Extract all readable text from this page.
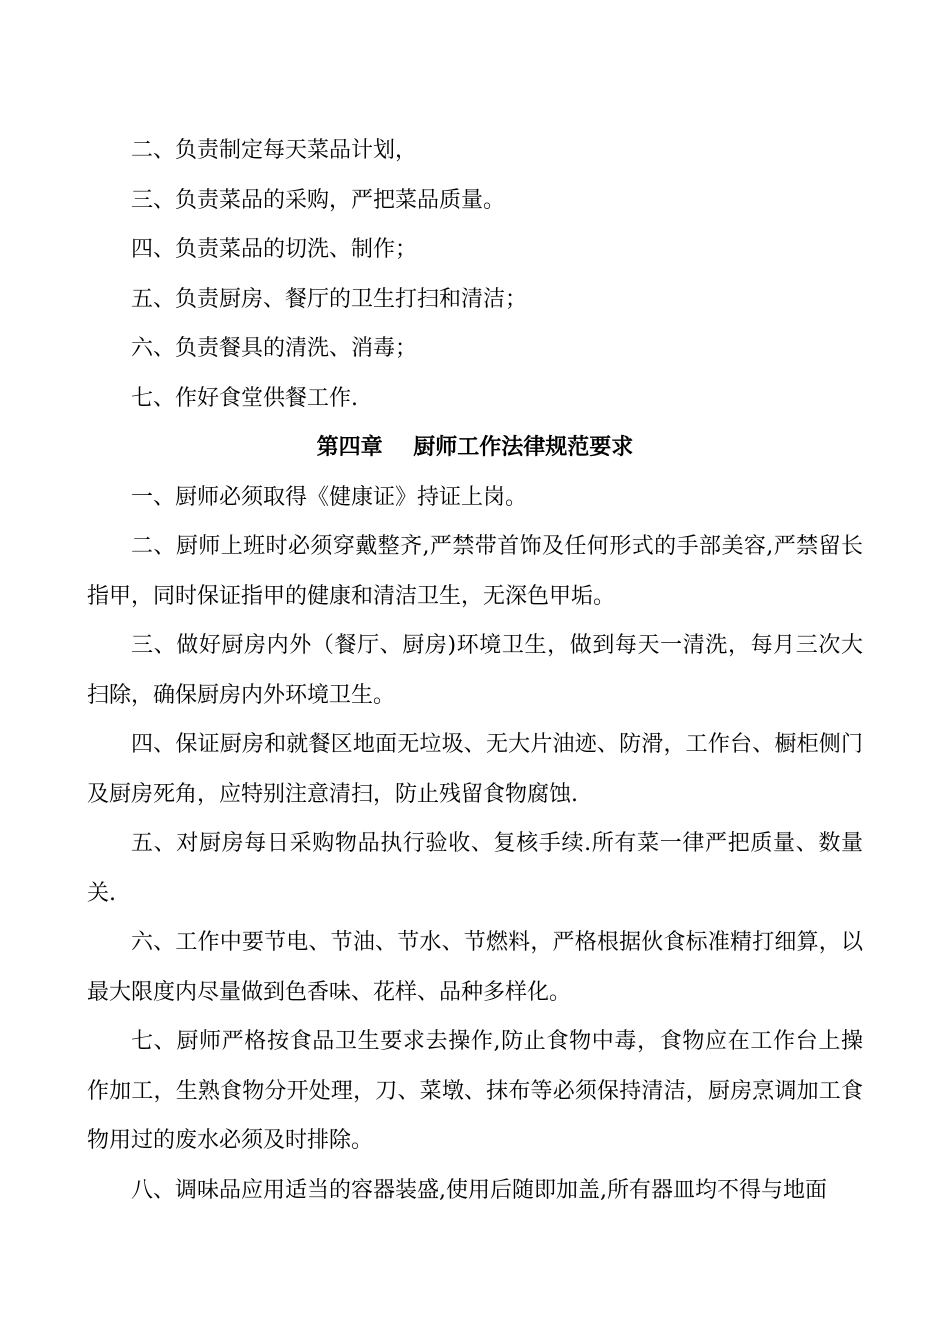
二、负责制定每天菜品计划，
三、负责菜品的采购，严把菜品质量。
四、负责菜品的切洗、制作；
五、负责厨房、餐厅的卫生打扫和清洁；
六、负责餐具的清洗、消毒；
七、作好食堂供餐工作.

第四章    厨师工作法律规范要求

一、厨师必须取得《健康证》持证上岗。

二、厨师上班时必须穿戴整齐,严禁带首饰及任何形式的手部美容,严禁留长指甲，同时保证指甲的健康和清洁卫生，无深色甲垢。

三、做好厨房内外（餐厅、厨房)环境卫生，做到每天一清洗，每月三次大扫除，确保厨房内外环境卫生。

四、保证厨房和就餐区地面无垃圾、无大片油迹、防滑，工作台、橱柜侧门及厨房死角，应特别注意清扫，防止残留食物腐蚀.

五、对厨房每日采购物品执行验收、复核手续.所有菜一律严把质量、数量关.

六、工作中要节电、节油、节水、节燃料，严格根据伙食标准精打细算，以最大限度内尽量做到色香味、花样、品种多样化。

七、厨师严格按食品卫生要求去操作,防止食物中毒，食物应在工作台上操作加工，生熟食物分开处理，刀、菜墩、抹布等必须保持清洁，厨房烹调加工食物用过的废水必须及时排除。

八、调味品应用适当的容器装盛,使用后随即加盖,所有器皿均不得与地面
